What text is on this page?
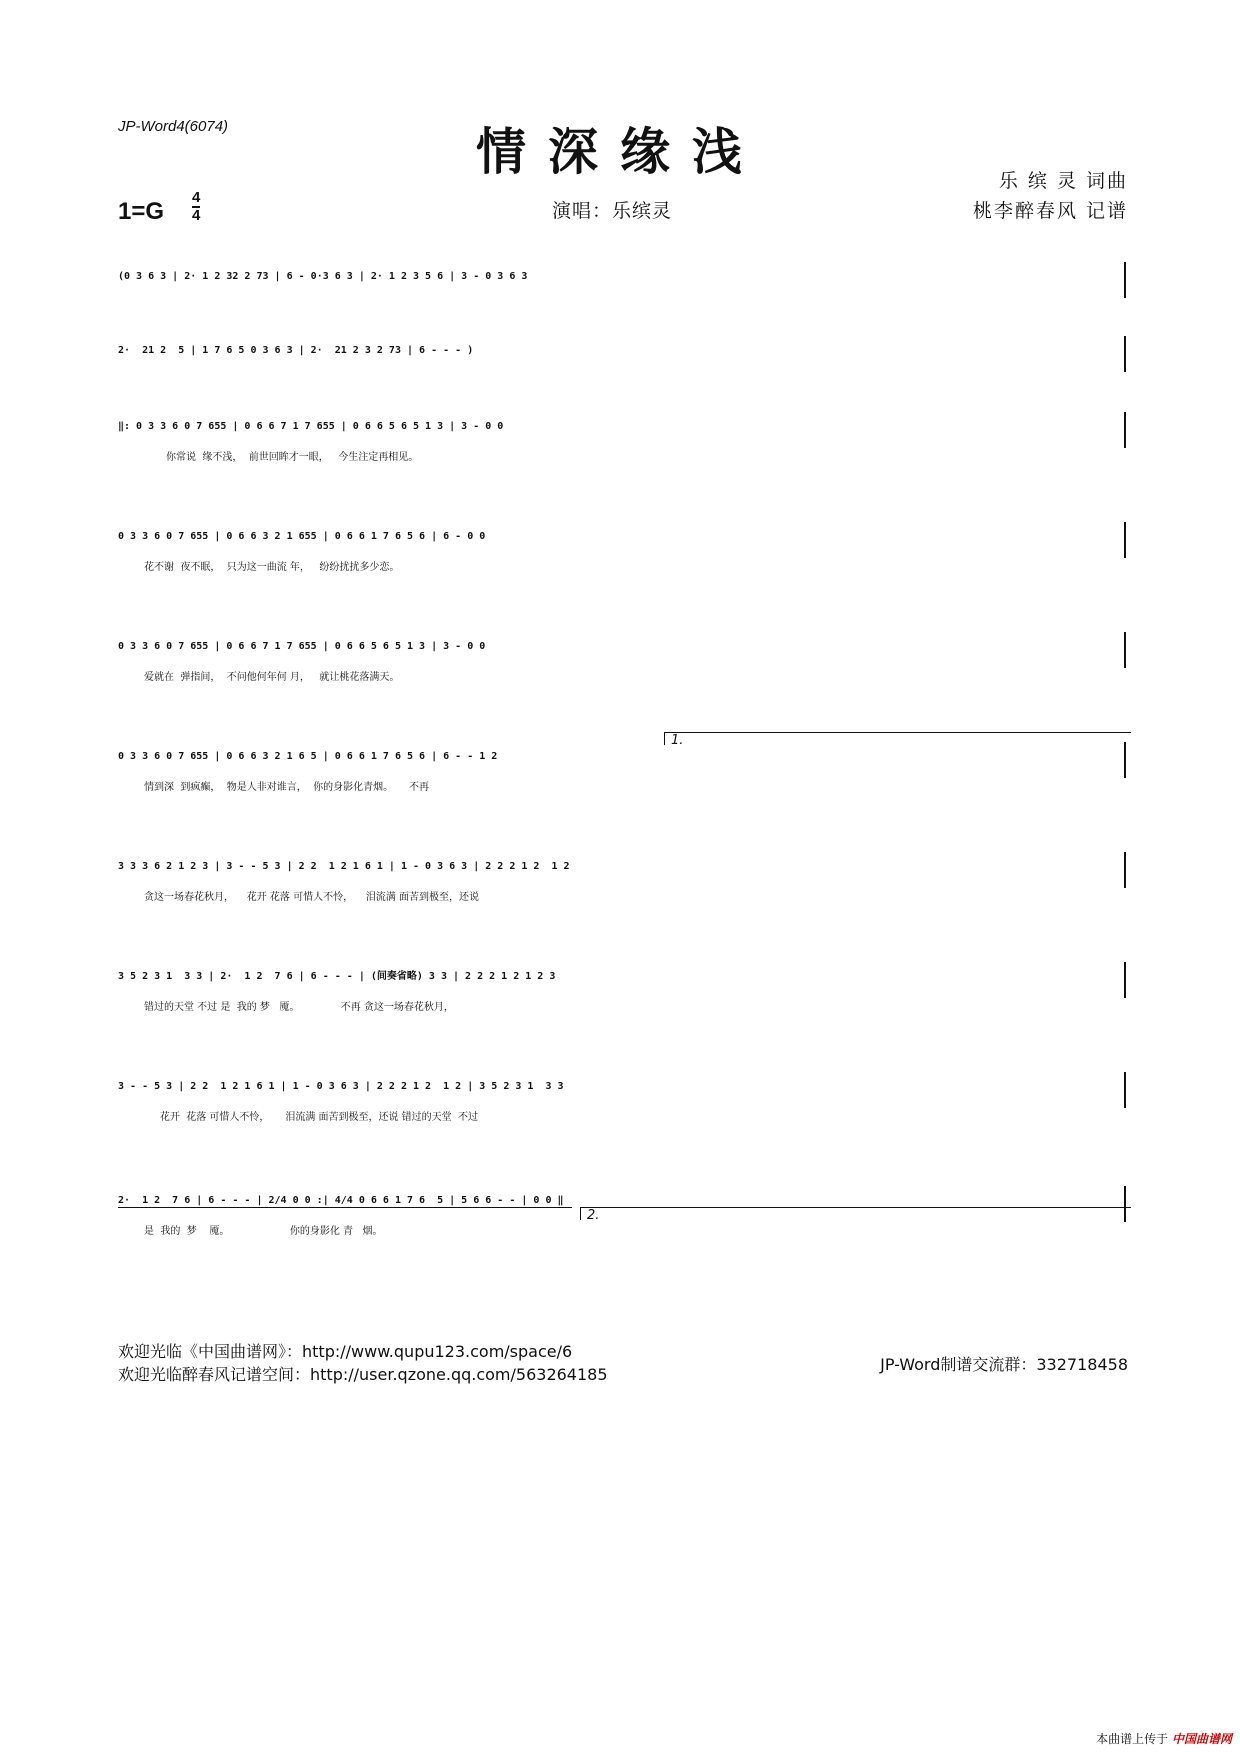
JP-Word4(6074)	情深缘浅	乐 缤 灵 词曲
桃李醉春风 记谱
演唱：乐缤灵
$1=G \frac{4}{4}$
(0 3 6 3 | 2· 1 2 32 2 73 | 6 - 0·3 6 3 | 2· 1 2 3 5 6 | 3 - 0 3 6 3
2·  21 2  5 | 1 7 6 5 0 3 6 3 | 2·  21 2 3 2 73 | 6 - - - )
‖: 0 3 3 6 0 7 655 | 0 6 6 7 1 7 655 | 0 6 6 5 6 5 1 3 | 3 - 0 0
你常说  缘不浅，  前世回眸才一眼，   今生注定再相见。
0 3 3 6 0 7 655 | 0 6 6 3 2 1 655 | 0 6 6 1 7 6 5 6 | 6 - 0 0
花不谢  夜不眠，  只为这一曲流 年，   纷纷扰扰多少恋。
0 3 3 6 0 7 655 | 0 6 6 7 1 7 655 | 0 6 6 5 6 5 1 3 | 3 - 0 0
爱就在  弹指间，  不问他何年何 月，   就让桃花落满天。
0 3 3 6 0 7 655 | 0 6 6 3 2 1 6 5 | 0 6 6 1 7 6 5 6 | 6 - - 1 2
情到深  到疯癫，  物是人非对谁言，  你的身影化青烟。     不再
3 3 3 6 2 1 2 3 | 3 - - 5 3 | 2 2  1 2 1 6 1 | 1 - 0 3 6 3 | 2 2 2 1 2  1 2
贪这一场春花秋月，    花开 花落 可惜人不怜，    泪流满 面苦到极至，还说
3 5 2 3 1  3 3 | 2·  1 2  7 6 | 6 - - - | (间奏省略) 3 3 | 2 2 2 1 2 1 2 3
错过的天堂 不过 是  我的 梦   魇。             不再 贪这一场春花秋月，
3 - - 5 3 | 2 2  1 2 1 6 1 | 1 - 0 3 6 3 | 2 2 2 1 2  1 2 | 3 5 2 3 1  3 3
花开  花落 可惜人不怜，     泪流满 面苦到极至，还说 错过的天堂  不过
2·  1 2  7 6 | 6 - - - | 2/4 0 0 :| 4/4 0 6 6 1 7 6  5 | 5 6 6 - - | 0 0 ‖
是  我的  梦    魇。                   你的身影化 青   烟。
1.
2.
欢迎光临《中国曲谱网》：http://www.qupu123.com/space/6
欢迎光临醉春风记谱空间：http://user.qzone.qq.com/563264185
JP-Word制谱交流群：332718458
本曲谱上传于 中国曲谱网
